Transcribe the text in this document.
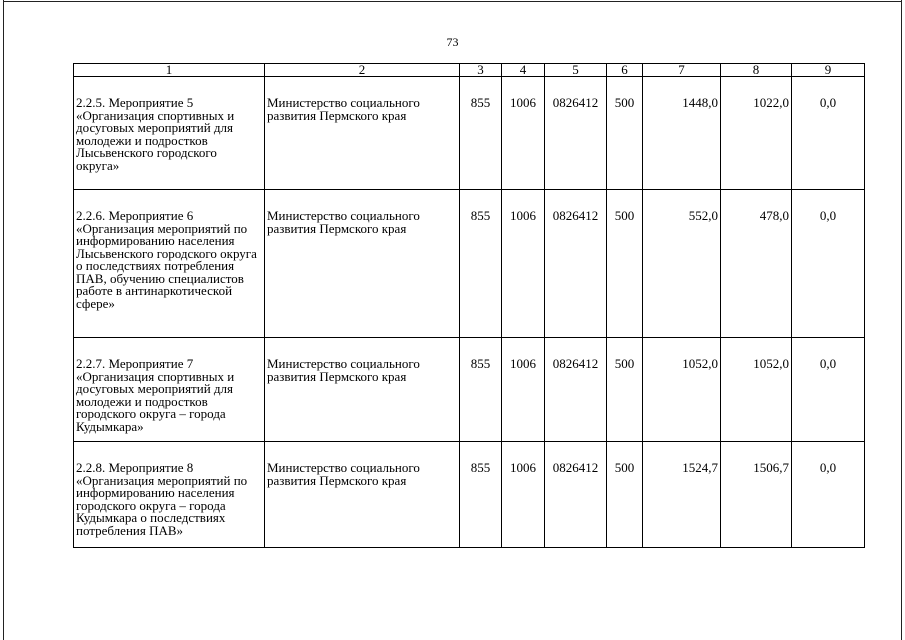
73
1	2	3	4	5	6	7	8	9
2.2.5. Мероприятие 5 «Организация спортивных и досуговых мероприятий для молодежи и подростков Лысьвенского городского округа»	Министерство социального развития Пермского края	855	1006	0826412	500	1448,0	1022,0	0,0
2.2.6. Мероприятие 6 «Организация мероприятий по информированию населения Лысьвенского городского округа о последствиях потребления ПАВ, обучению специалистов работе в антинаркотической сфере»	Министерство социального развития Пермского края	855	1006	0826412	500	552,0	478,0	0,0
2.2.7. Мероприятие 7 «Организация спортивных и досуговых мероприятий для молодежи и подростков городского округа – города Кудымкара»	Министерство социального развития Пермского края	855	1006	0826412	500	1052,0	1052,0	0,0
2.2.8. Мероприятие 8 «Организация мероприятий по информированию населения городского округа – города Кудымкара о последствиях потребления ПАВ»	Министерство социального развития Пермского края	855	1006	0826412	500	1524,7	1506,7	0,0
